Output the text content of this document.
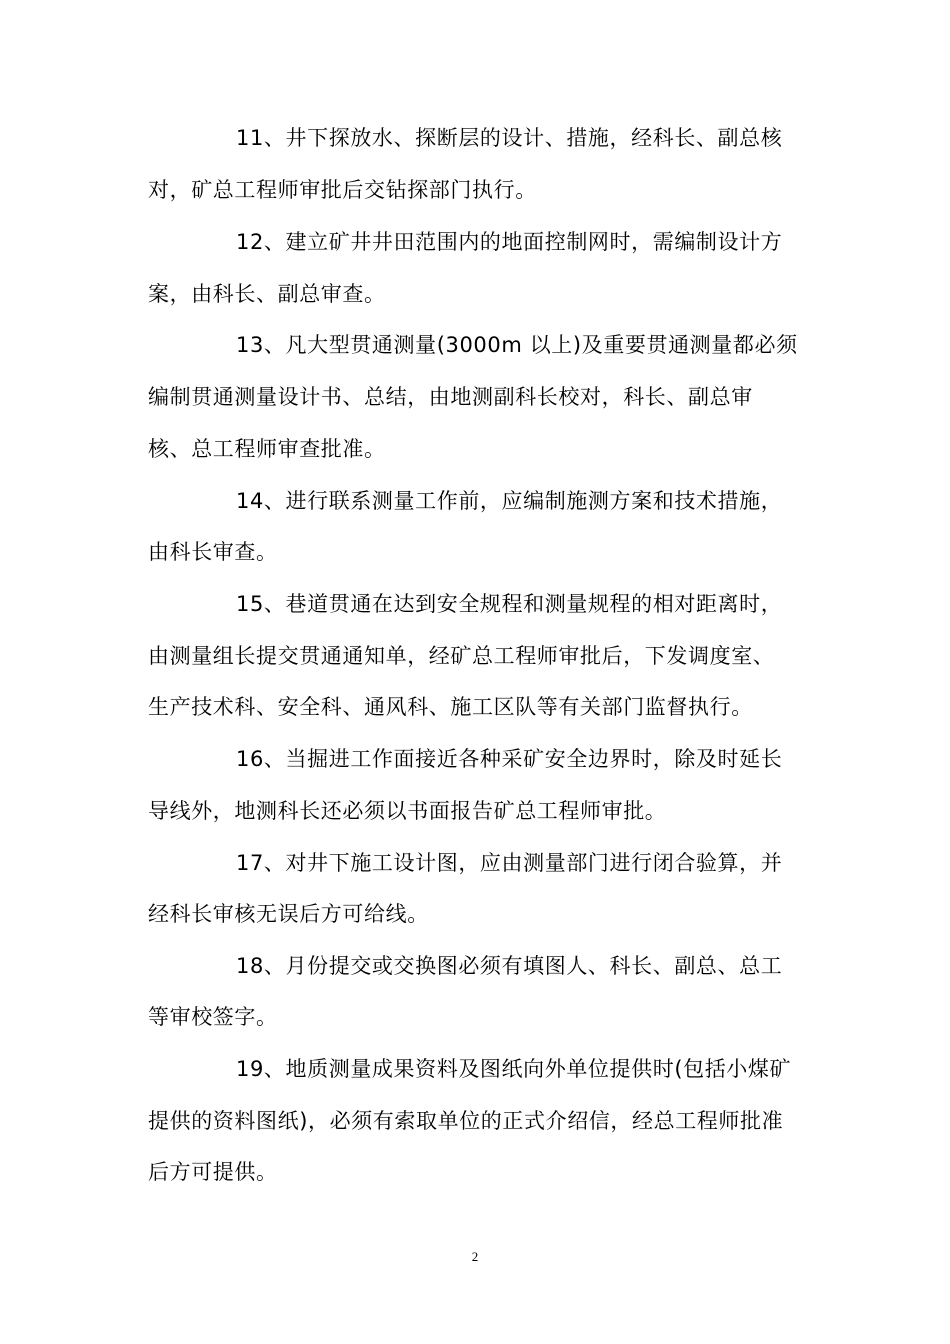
11、井下探放水、探断层的设计、措施，经科长、副总核
对，矿总工程师审批后交钻探部门执行。
12、建立矿井井田范围内的地面控制网时，需编制设计方
案，由科长、副总审查。
13、凡大型贯通测量(3000m 以上)及重要贯通测量都必须
编制贯通测量设计书、总结，由地测副科长校对，科长、副总审
核、总工程师审查批准。
14、进行联系测量工作前，应编制施测方案和技术措施，
由科长审查。
15、巷道贯通在达到安全规程和测量规程的相对距离时，
由测量组长提交贯通通知单，经矿总工程师审批后，下发调度室、
生产技术科、安全科、通风科、施工区队等有关部门监督执行。
16、当掘进工作面接近各种采矿安全边界时，除及时延长
导线外，地测科长还必须以书面报告矿总工程师审批。
17、对井下施工设计图，应由测量部门进行闭合验算，并
经科长审核无误后方可给线。
18、月份提交或交换图必须有填图人、科长、副总、总工
等审校签字。
19、地质测量成果资料及图纸向外单位提供时(包括小煤矿
提供的资料图纸)，必须有索取单位的正式介绍信，经总工程师批准
后方可提供。
2
